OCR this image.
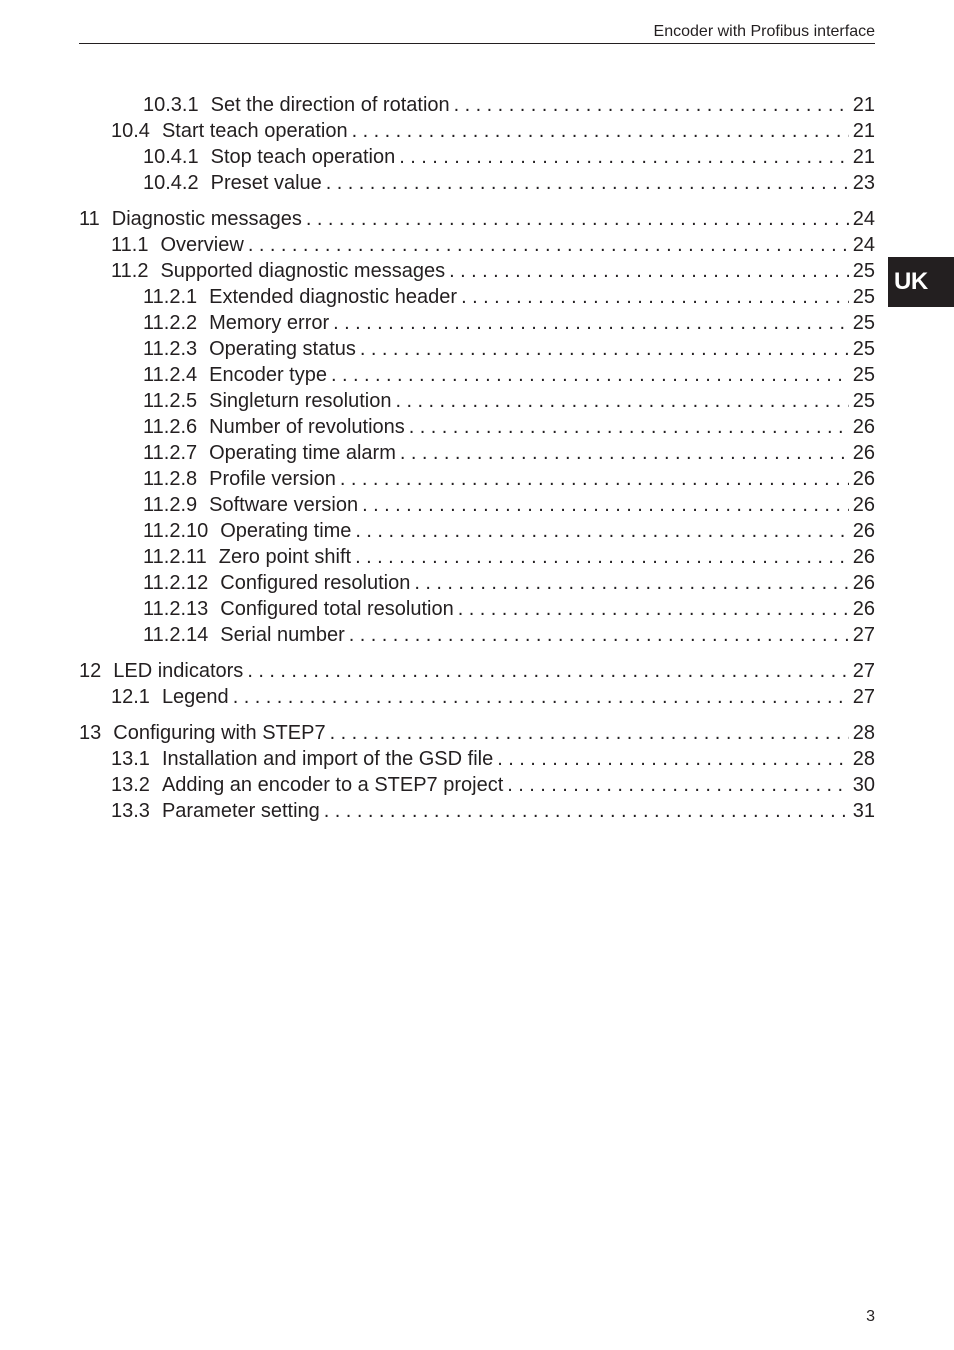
Encoder with Profibus interface
UK
10.3.1 Set the direction of rotation .....	21
10.4 Start teach operation .....	21
10.4.1 Stop teach operation .....	21
10.4.2 Preset value .....	23
11 Diagnostic messages .....	24
11.1 Overview .....	24
11.2 Supported diagnostic messages .....	25
11.2.1 Extended diagnostic header .....	25
11.2.2 Memory error .....	25
11.2.3 Operating status .....	25
11.2.4 Encoder type .....	25
11.2.5 Singleturn resolution .....	25
11.2.6 Number of revolutions .....	26
11.2.7 Operating time alarm .....	26
11.2.8 Profile version .....	26
11.2.9 Software version .....	26
11.2.10 Operating time .....	26
11.2.11 Zero point shift .....	26
11.2.12 Configured resolution .....	26
11.2.13 Configured total resolution .....	26
11.2.14 Serial number .....	27
12 LED indicators .....	27
12.1 Legend .....	27
13 Configuring with STEP7 .....	28
13.1 Installation and import of the GSD file .....	28
13.2 Adding an encoder to a STEP7 project .....	30
13.3 Parameter setting .....	31
3
